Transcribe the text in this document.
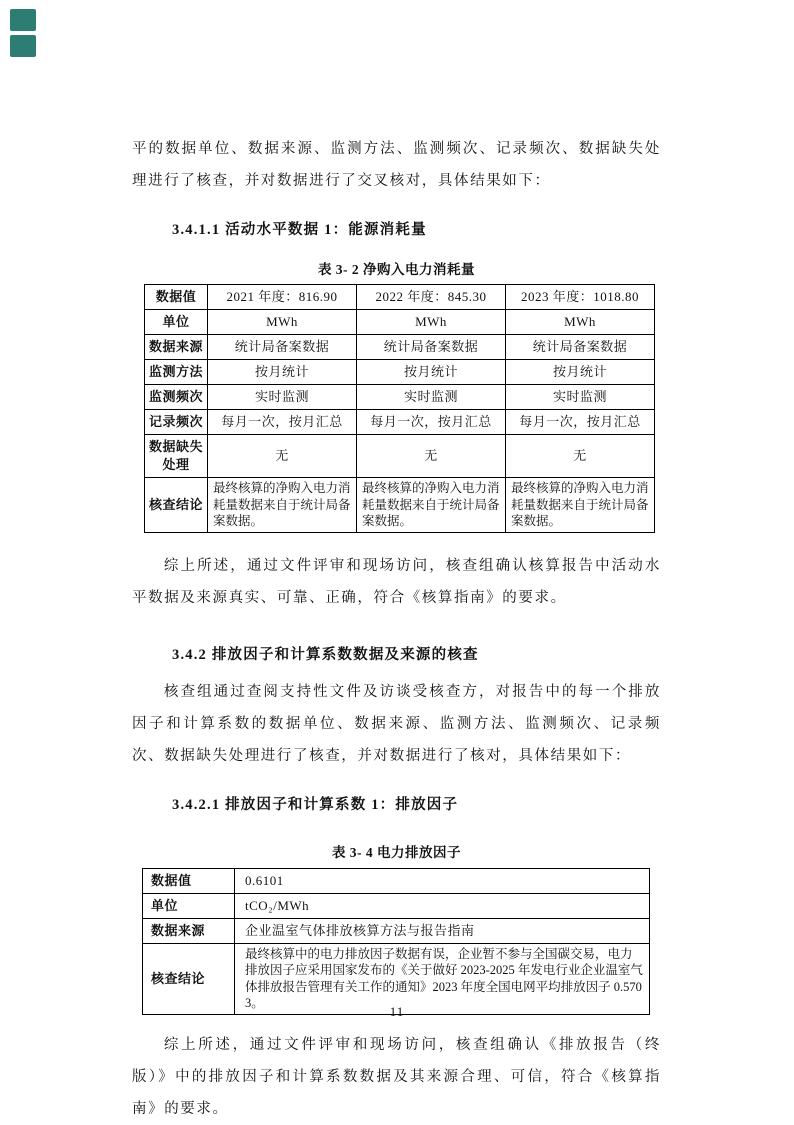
平的数据单位、数据来源、监测方法、监测频次、记录频次、数据缺失处理进行了核查，并对数据进行了交叉核对，具体结果如下：

3.4.1.1 活动水平数据 1：能源消耗量

表 3- 2 净购入电力消耗量

数据值	2021 年度：816.90	2022 年度：845.30	2023 年度：1018.80
单位	MWh	MWh	MWh
数据来源	统计局备案数据	统计局备案数据	统计局备案数据
监测方法	按月统计	按月统计	按月统计
监测频次	实时监测	实时监测	实时监测
记录频次	每月一次，按月汇总	每月一次，按月汇总	每月一次，按月汇总
数据缺失处理	无	无	无
核查结论	最终核算的净购入电力消耗量数据来自于统计局备案数据。	最终核算的净购入电力消耗量数据来自于统计局备案数据。	最终核算的净购入电力消耗量数据来自于统计局备案数据。

综上所述，通过文件评审和现场访问，核查组确认核算报告中活动水平数据及来源真实、可靠、正确，符合《核算指南》的要求。

3.4.2 排放因子和计算系数数据及来源的核查

核查组通过查阅支持性文件及访谈受核查方，对报告中的每一个排放因子和计算系数的数据单位、数据来源、监测方法、监测频次、记录频次、数据缺失处理进行了核查，并对数据进行了核对，具体结果如下：

3.4.2.1 排放因子和计算系数 1：排放因子

表 3- 4 电力排放因子

数据值	0.6101
单位	tCO₂/MWh
数据来源	企业温室气体排放核算方法与报告指南
核查结论	最终核算中的电力排放因子数据有误，企业暂不参与全国碳交易，电力排放因子应采用国家发布的《关于做好 2023-2025 年发电行业企业温室气体排放报告管理有关工作的通知》2023 年度全国电网平均排放因子 0.5703。

综上所述，通过文件评审和现场访问，核查组确认《排放报告（终版）》中的排放因子和计算系数数据及其来源合理、可信，符合《核算指南》的要求。

11
